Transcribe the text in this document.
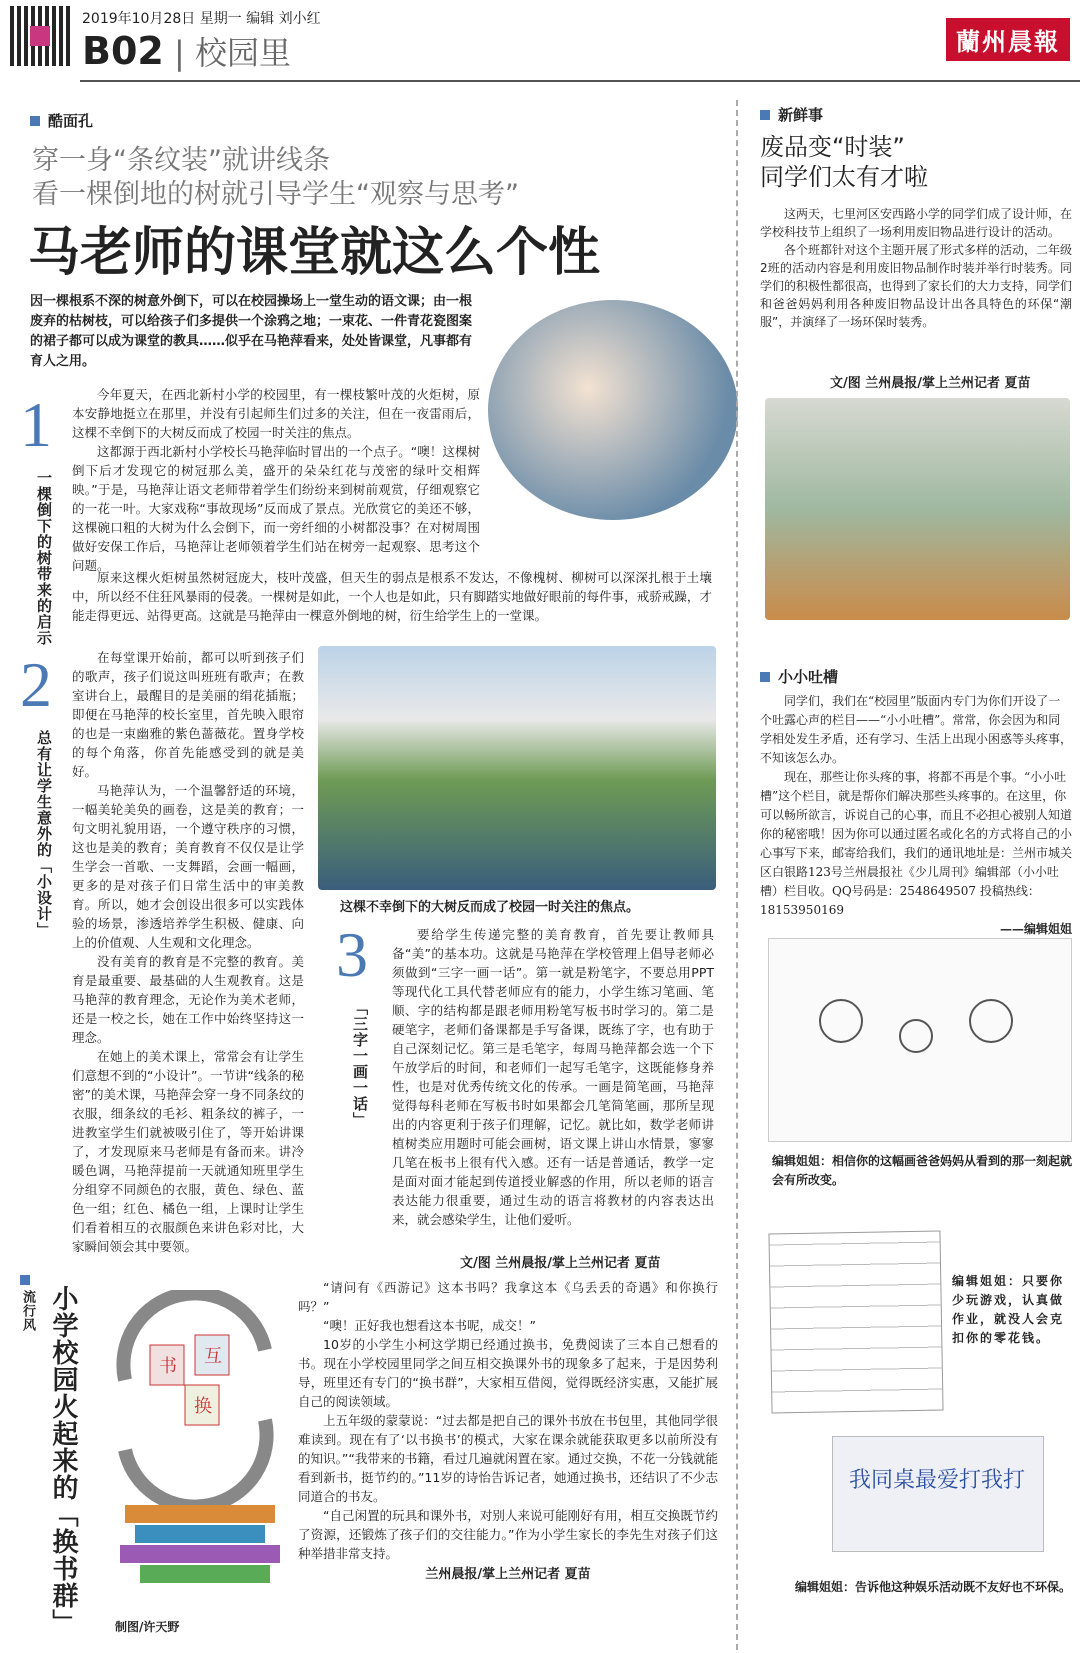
2019年10月28日 星期一 编辑 刘小红
B02 | 校园里	蘭州晨報
酷面孔
穿一身“条纹装”就讲线条
看一棵倒地的树就引导学生“观察与思考”
马老师的课堂就这么个性
因一棵根系不深的树意外倒下，可以在校园操场上一堂生动的语文课；由一根废弃的枯树枝，可以给孩子们多提供一个涂鸦之地；一束花、一件青花瓷图案的裙子都可以成为课堂的教具……似乎在马艳萍看来，处处皆课堂，凡事都有育人之用。
1
一棵倒下的树带来的启示

今年夏天，在西北新村小学的校园里，有一棵枝繁叶茂的火炬树，原本安静地挺立在那里，并没有引起师生们过多的关注，但在一夜雷雨后，这棵不幸倒下的大树反而成了校园一时关注的焦点。

这都源于西北新村小学校长马艳萍临时冒出的一个点子。“噢！这棵树倒下后才发现它的树冠那么美，盛开的朵朵红花与茂密的绿叶交相辉映。”于是，马艳萍让语文老师带着学生们纷纷来到树前观赏，仔细观察它的一花一叶。大家戏称“事故现场”反而成了景点。光欣赏它的美还不够，这棵碗口粗的大树为什么会倒下，而一旁纤细的小树都没事？在对树周围做好安保工作后，马艳萍让老师领着学生们站在树旁一起观察、思考这个问题。

原来这棵火炬树虽然树冠庞大，枝叶茂盛，但天生的弱点是根系不发达，不像槐树、柳树可以深深扎根于土壤中，所以经不住狂风暴雨的侵袭。一棵树是如此，一个人也是如此，只有脚踏实地做好眼前的每件事，戒骄戒躁，才能走得更远、站得更高。这就是马艳萍由一棵意外倒地的树，衍生给学生上的一堂课。

2
总有让学生意外的「小设计」

在每堂课开始前，都可以听到孩子们的歌声，孩子们说这叫班班有歌声；在教室讲台上，最醒目的是美丽的绢花插瓶；即便在马艳萍的校长室里，首先映入眼帘的也是一束幽雅的紫色蔷薇花。置身学校的每个角落，你首先能感受到的就是美好。

马艳萍认为，一个温馨舒适的环境，一幅美轮美奂的画卷，这是美的教育；一句文明礼貌用语，一个遵守秩序的习惯，这也是美的教育；美育教育不仅仅是让学生学会一首歌、一支舞蹈，会画一幅画，更多的是对孩子们日常生活中的审美教育。所以，她才会创设出很多可以实践体验的场景，渗透培养学生积极、健康、向上的价值观、人生观和文化理念。

没有美育的教育是不完整的教育。美育是最重要、最基础的人生观教育。这是马艳萍的教育理念，无论作为美术老师，还是一校之长，她在工作中始终坚持这一理念。

在她上的美术课上，常常会有让学生们意想不到的“小设计”。一节讲“线条的秘密”的美术课，马艳萍会穿一身不同条纹的衣服，细条纹的毛衫、粗条纹的裤子，一进教室学生们就被吸引住了，等开始讲课了，才发现原来马老师是有备而来。讲冷暖色调，马艳萍提前一天就通知班里学生分组穿不同颜色的衣服，黄色、绿色、蓝色一组；红色、橘色一组，上课时让学生们看着相互的衣服颜色来讲色彩对比，大家瞬间领会其中要领。

这棵不幸倒下的大树反而成了校园一时关注的焦点。
3
「三字一画一话」

要给学生传递完整的美育教育，首先要让教师具备“美”的基本功。这就是马艳萍在学校管理上倡导老师必须做到“三字一画一话”。第一就是粉笔字，不要总用PPT等现代化工具代替老师应有的能力，小学生练习笔画、笔顺、字的结构都是跟老师用粉笔写板书时学习的。第二是硬笔字，老师们备课都是手写备课，既练了字，也有助于自己深刻记忆。第三是毛笔字，每周马艳萍都会选一个下午放学后的时间，和老师们一起写毛笔字，这既能修身养性，也是对优秀传统文化的传承。一画是简笔画，马艳萍觉得每科老师在写板书时如果都会几笔简笔画，那所呈现出的内容更利于孩子们理解，记忆。就比如，数学老师讲植树类应用题时可能会画树，语文课上讲山水情景，寥寥几笔在板书上很有代入感。还有一话是普通话，教学一定是面对面才能起到传道授业解惑的作用，所以老师的语言表达能力很重要，通过生动的语言将教材的内容表达出来，就会感染学生，让他们爱听。

文/图 兰州晨报/掌上兰州记者 夏苗
新鲜事
废品变“时装”
同学们太有才啦

这两天，七里河区安西路小学的同学们成了设计师，在学校科技节上组织了一场利用废旧物品进行设计的活动。

各个班都针对这个主题开展了形式多样的活动，二年级2班的活动内容是利用废旧物品制作时装并举行时装秀。同学们的积极性都很高，也得到了家长们的大力支持，同学们和爸爸妈妈利用各种废旧物品设计出各具特色的环保“潮服”，并演绎了一场环保时装秀。

文/图 兰州晨报/掌上兰州记者 夏苗
小小吐槽

同学们，我们在“校园里”版面内专门为你们开设了一个吐露心声的栏目——“小小吐槽”。常常，你会因为和同学相处发生矛盾，还有学习、生活上出现小困惑等头疼事，不知该怎么办。

现在，那些让你头疼的事，将都不再是个事。“小小吐槽”这个栏目，就是帮你们解决那些头疼事的。在这里，你可以畅所欲言，诉说自己的心事，而且不必担心被别人知道你的秘密哦！因为你可以通过匿名或化名的方式将自己的小心事写下来，邮寄给我们，我们的通讯地址是：兰州市城关区白银路123号兰州晨报社《少儿周刊》编辑部（小小吐槽）栏目收。QQ号码是：2548649507 投稿热线：18153950169

——编辑姐姐

编辑姐姐：相信你的这幅画爸爸妈妈从看到的那一刻起就会有所改变。
编辑姐姐：只要你少玩游戏，认真做作业，就没人会克扣你的零花钱。
我同桌最爱打我打
编辑姐姐：告诉他这种娱乐活动既不友好也不环保。
流行风 小学校园火起来的「换书群」	书 互
换
制图/许天野

“请问有《西游记》这本书吗？我拿这本《乌丢丢的奇遇》和你换行吗？”

“噢！正好我也想看这本书呢，成交！”

10岁的小学生小柯这学期已经通过换书，免费阅读了三本自己想看的书。现在小学校园里同学之间互相交换课外书的现象多了起来，于是因势利导，班里还有专门的“换书群”，大家相互借阅，觉得既经济实惠，又能扩展自己的阅读领域。

上五年级的蒙蒙说：“过去都是把自己的课外书放在书包里，其他同学很难读到。现在有了‘以书换书’的模式，大家在课余就能获取更多以前所没有的知识。”“我带来的书籍，看过几遍就闲置在家。通过交换，不花一分钱就能看到新书，挺节约的。”11岁的诗怡告诉记者，她通过换书，还结识了不少志同道合的书友。

“自己闲置的玩具和课外书，对别人来说可能刚好有用，相互交换既节约了资源，还锻炼了孩子们的交往能力。”作为小学生家长的李先生对孩子们这种举措非常支持。

兰州晨报/掌上兰州记者 夏苗
